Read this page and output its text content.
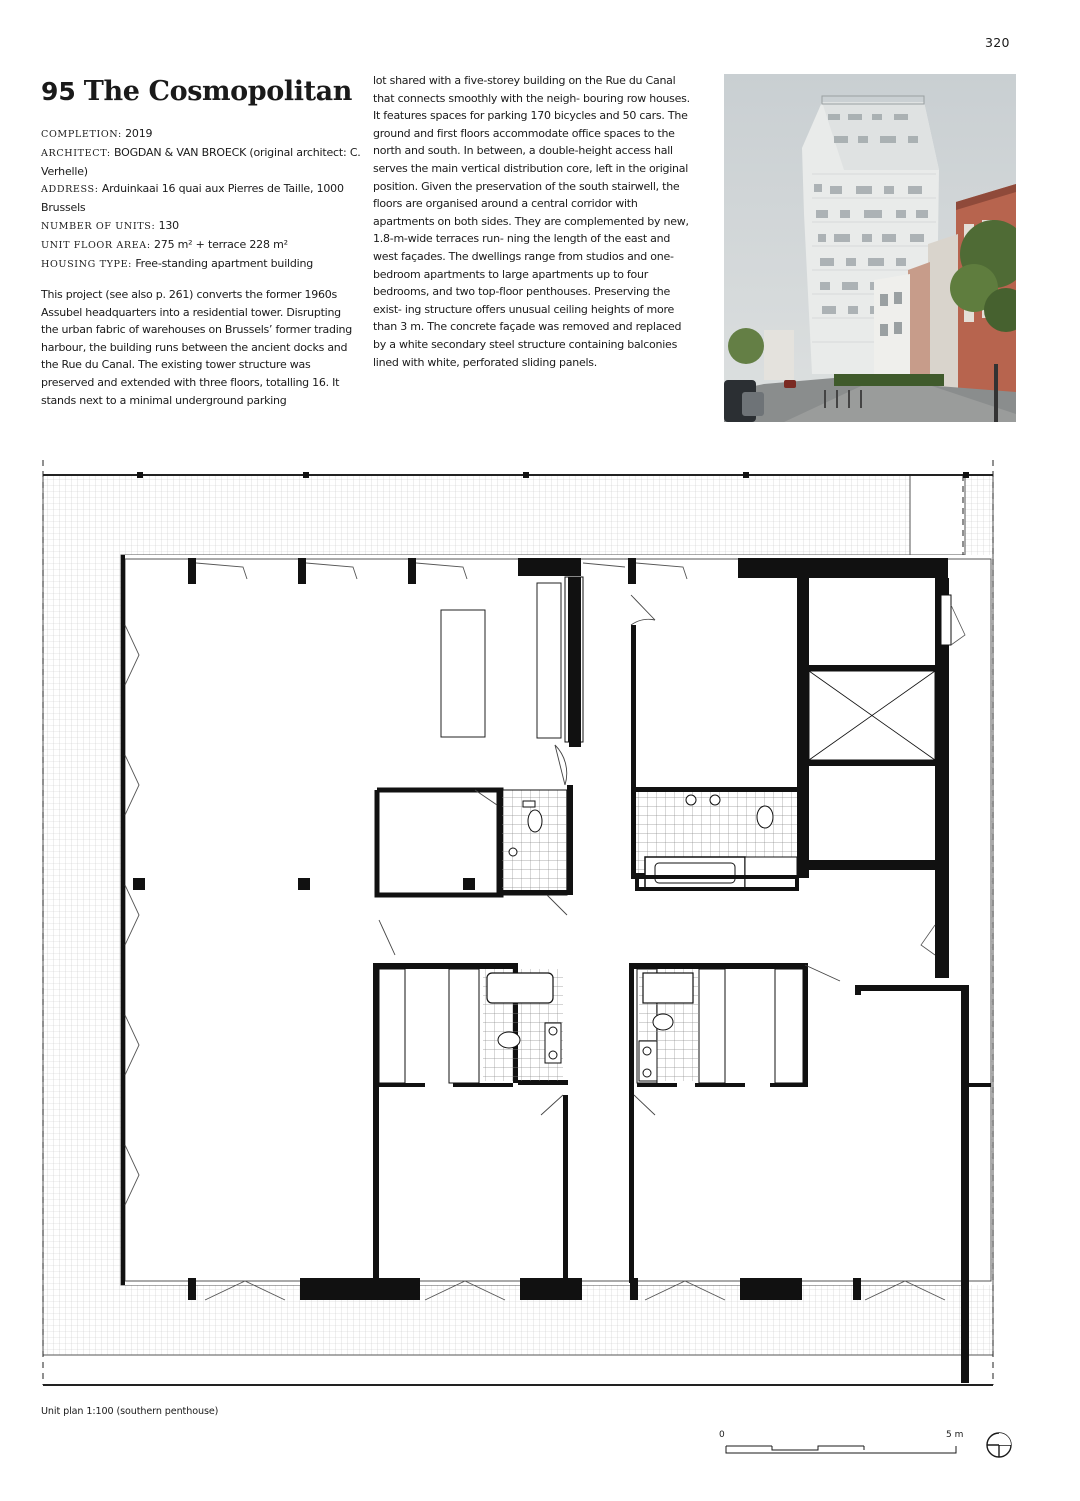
320
95 The Cosmopolitan
COMPLETION: 2019
ARCHITECT: BOGDAN & VAN BROECK (original architect: C. Verhelle)
ADDRESS: Arduinkaai 16 quai aux Pierres de Taille, 1000 Brussels
NUMBER OF UNITS: 130
UNIT FLOOR AREA: 275 m² + terrace 228 m²
HOUSING TYPE: Free-standing apartment building

This project (see also p. 261) converts the former 1960s Assubel headquarters into a residential tower. Disrupting the urban fabric of warehouses on Brussels’ former trading harbour, the building runs between the ancient docks and the Rue du Canal. The existing tower structure was preserved and extended with three floors, totalling 16. It stands next to a minimal underground parking

lot shared with a five-storey building on the Rue du Canal that connects smoothly with the neigh- bouring row houses. It features spaces for parking 170 bicycles and 50 cars. The ground and first floors accommodate office spaces to the north and south. In between, a double-height access hall serves the main vertical distribution core, left in the original position. Given the preservation of the south stairwell, the floors are organised around a central corridor with apartments on both sides. They are complemented by new, 1.8-m-wide terraces run- ning the length of the east and west façades. The dwellings range from studios and one-bedroom apartments to large apartments up to four bedrooms, and two top-floor penthouses. Preserving the exist- ing structure offers unusual ceiling heights of more than 3 m. The concrete façade was removed and replaced by a white secondary steel structure containing balconies lined with white, perforated sliding panels.

Unit plan 1:100 (southern penthouse)
0	5 m
